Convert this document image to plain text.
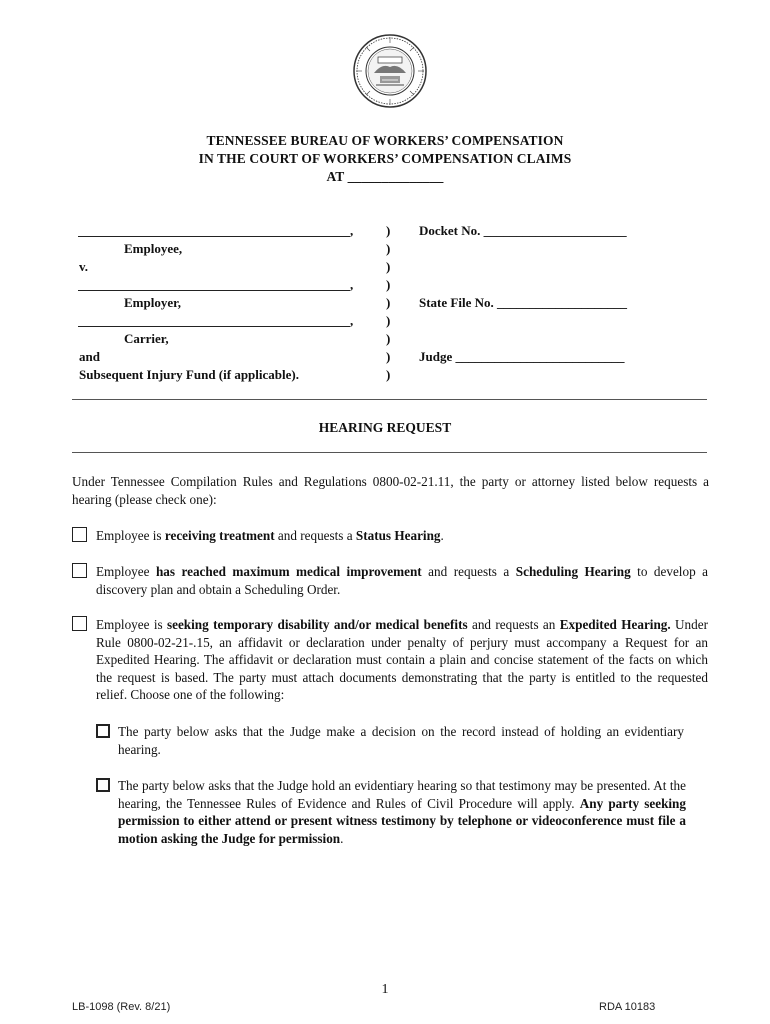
TENNESSEE BUREAU OF WORKERS’ COMPENSATION
IN THE COURT OF WORKERS’ COMPENSATION CLAIMS
AT ______________
,
Employee,
v.
,
Employer,
,
Carrier,
and
Subsequent Injury Fund (if applicable).
)
)
)
)
)
)
)
)
)
Docket No. ______________________
State File No. ____________________
Judge __________________________
HEARING REQUEST
Under Tennessee Compilation Rules and Regulations 0800-02-21.11, the party or attorney listed below requests a hearing (please check one):
Employee is receiving treatment and requests a Status Hearing.
Employee has reached maximum medical improvement and requests a Scheduling Hearing to develop a discovery plan and obtain a Scheduling Order.
Employee is seeking temporary disability and/or medical benefits and requests an Expedited Hearing. Under Rule 0800-02-21-.15, an affidavit or declaration under penalty of perjury must accompany a Request for an Expedited Hearing. The affidavit or declaration must contain a plain and concise statement of the facts on which the request is based. The party must attach documents demonstrating that the party is entitled to the requested relief. Choose one of the following:
The party below asks that the Judge make a decision on the record instead of holding an evidentiary hearing.
The party below asks that the Judge hold an evidentiary hearing so that testimony may be presented. At the hearing, the Tennessee Rules of Evidence and Rules of Civil Procedure will apply. Any party seeking permission to either attend or present witness testimony by telephone or videoconference must file a motion asking the Judge for permission.
1
LB-1098 (Rev. 8/21)	RDA 10183
